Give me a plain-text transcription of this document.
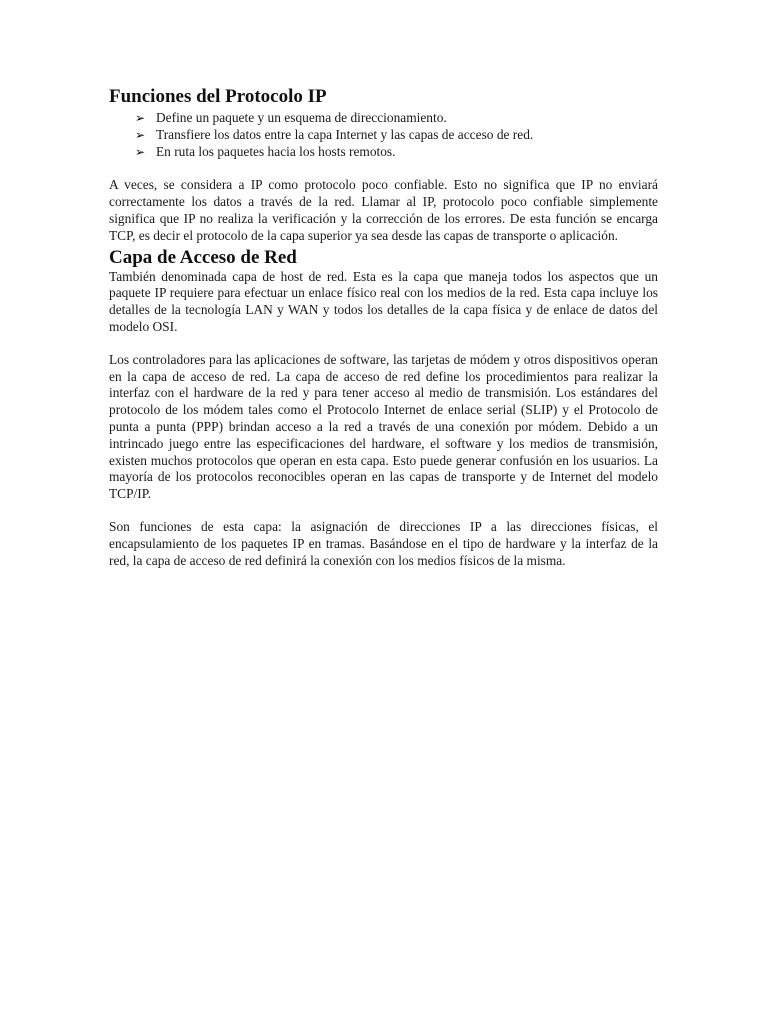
Funciones del Protocolo IP
➢ Define un paquete y un esquema de direccionamiento.
➢ Transfiere los datos entre la capa Internet y las capas de acceso de red.
➢ En ruta los paquetes hacia los hosts remotos.

A veces, se considera a IP como protocolo poco confiable. Esto no significa que IP no enviará correctamente los datos a través de la red. Llamar al IP, protocolo poco confiable simplemente significa que IP no realiza la verificación y la corrección de los errores. De esta función se encarga TCP, es decir el protocolo de la capa superior ya sea desde las capas de transporte o aplicación.

Capa de Acceso de Red

También denominada capa de host de red. Esta es la capa que maneja todos los aspectos que un paquete IP requiere para efectuar un enlace físico real con los medios de la red. Esta capa incluye los detalles de la tecnología LAN y WAN y todos los detalles de la capa física y de enlace de datos del modelo OSI.

Los controladores para las aplicaciones de software, las tarjetas de módem y otros dispositivos operan en la capa de acceso de red. La capa de acceso de red define los procedimientos para realizar la interfaz con el hardware de la red y para tener acceso al medio de transmisión. Los estándares del protocolo de los módem tales como el Protocolo Internet de enlace serial (SLIP) y el Protocolo de punta a punta (PPP) brindan acceso a la red a través de una conexión por módem. Debido a un intrincado juego entre las especificaciones del hardware, el software y los medios de transmisión, existen muchos protocolos que operan en esta capa. Esto puede generar confusión en los usuarios. La mayoría de los protocolos reconocibles operan en las capas de transporte y de Internet del modelo TCP/IP.

Son funciones de esta capa: la asignación de direcciones IP a las direcciones físicas, el encapsulamiento de los paquetes IP en tramas. Basándose en el tipo de hardware y la interfaz de la red, la capa de acceso de red definirá la conexión con los medios físicos de la misma.
